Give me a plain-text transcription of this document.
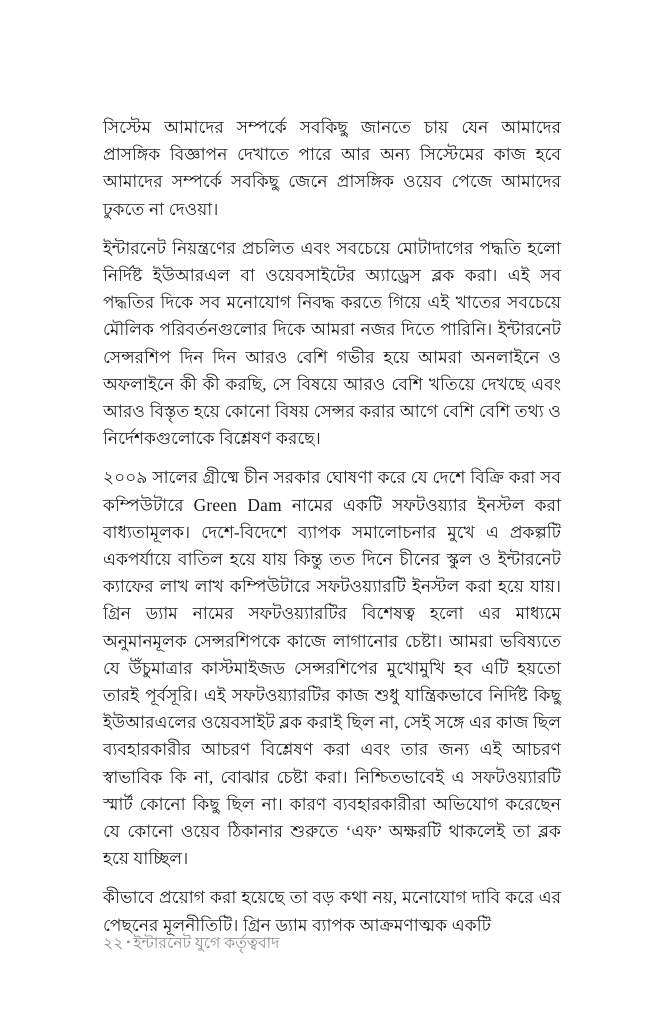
সিস্টেম আমাদের সম্পর্কে সবকিছু জানতে চায় যেন আমাদের প্রাসঙ্গিক বিজ্ঞাপন দেখাতে পারে আর অন্য সিস্টেমের কাজ হবে আমাদের সম্পর্কে সবকিছু জেনে প্রাসঙ্গিক ওয়েব পেজে আমাদের ঢুকতে না দেওয়া।

ইন্টারনেট নিয়ন্ত্রণের প্রচলিত এবং সবচেয়ে মোটাদাগের পদ্ধতি হলো নির্দিষ্ট ইউআরএল বা ওয়েবসাইটের অ্যাড্রেস ব্লক করা। এই সব পদ্ধতির দিকে সব মনোযোগ নিবদ্ধ করতে গিয়ে এই খাতের সবচেয়ে মৌলিক পরিবর্তনগুলোর দিকে আমরা নজর দিতে পারিনি। ইন্টারনেট সেন্সরশিপ দিন দিন আরও বেশি গভীর হয়ে আমরা অনলাইনে ও অফলাইনে কী কী করছি, সে বিষয়ে আরও বেশি খতিয়ে দেখছে এবং আরও বিস্তৃত হয়ে কোনো বিষয় সেন্সর করার আগে বেশি বেশি তথ্য ও নির্দেশকগুলোকে বিশ্লেষণ করছে।

২০০৯ সালের গ্রীষ্মে চীন সরকার ঘোষণা করে যে দেশে বিক্রি করা সব কম্পিউটারে Green Dam নামের একটি সফটওয়্যার ইনস্টল করা বাধ্যতামূলক। দেশে-বিদেশে ব্যাপক সমালোচনার মুখে এ প্রকল্পটি একপর্যায়ে বাতিল হয়ে যায় কিন্তু তত দিনে চীনের স্কুল ও ইন্টারনেট ক্যাফের লাখ লাখ কম্পিউটারে সফটওয়্যারটি ইনস্টল করা হয়ে যায়। গ্রিন ড্যাম নামের সফটওয়্যারটির বিশেষত্ব হলো এর মাধ্যমে অনুমানমূলক সেন্সরশিপকে কাজে লাগানোর চেষ্টা। আমরা ভবিষ্যতে যে উঁচুমাত্রার কাস্টমাইজড সেন্সরশিপের মুখোমুখি হব এটি হয়তো তারই পূর্বসূরি। এই সফটওয়্যারটির কাজ শুধু যান্ত্রিকভাবে নির্দিষ্ট কিছু ইউআরএলের ওয়েবসাইট ব্লক করাই ছিল না, সেই সঙ্গে এর কাজ ছিল ব্যবহারকারীর আচরণ বিশ্লেষণ করা এবং তার জন্য এই আচরণ স্বাভাবিক কি না, বোঝার চেষ্টা করা। নিশ্চিতভাবেই এ সফটওয়্যারটি স্মার্ট কোনো কিছু ছিল না। কারণ ব্যবহারকারীরা অভিযোগ করেছেন যে কোনো ওয়েব ঠিকানার শুরুতে ‘এফ’ অক্ষরটি থাকলেই তা ব্লক হয়ে যাচ্ছিল।

কীভাবে প্রয়োগ করা হয়েছে তা বড় কথা নয়, মনোযোগ দাবি করে এর পেছনের মূলনীতিটি। গ্রিন ড্যাম ব্যাপক আক্রমণাত্মক একটি

২২ • ইন্টারনেট যুগে কর্তৃত্ববাদ
